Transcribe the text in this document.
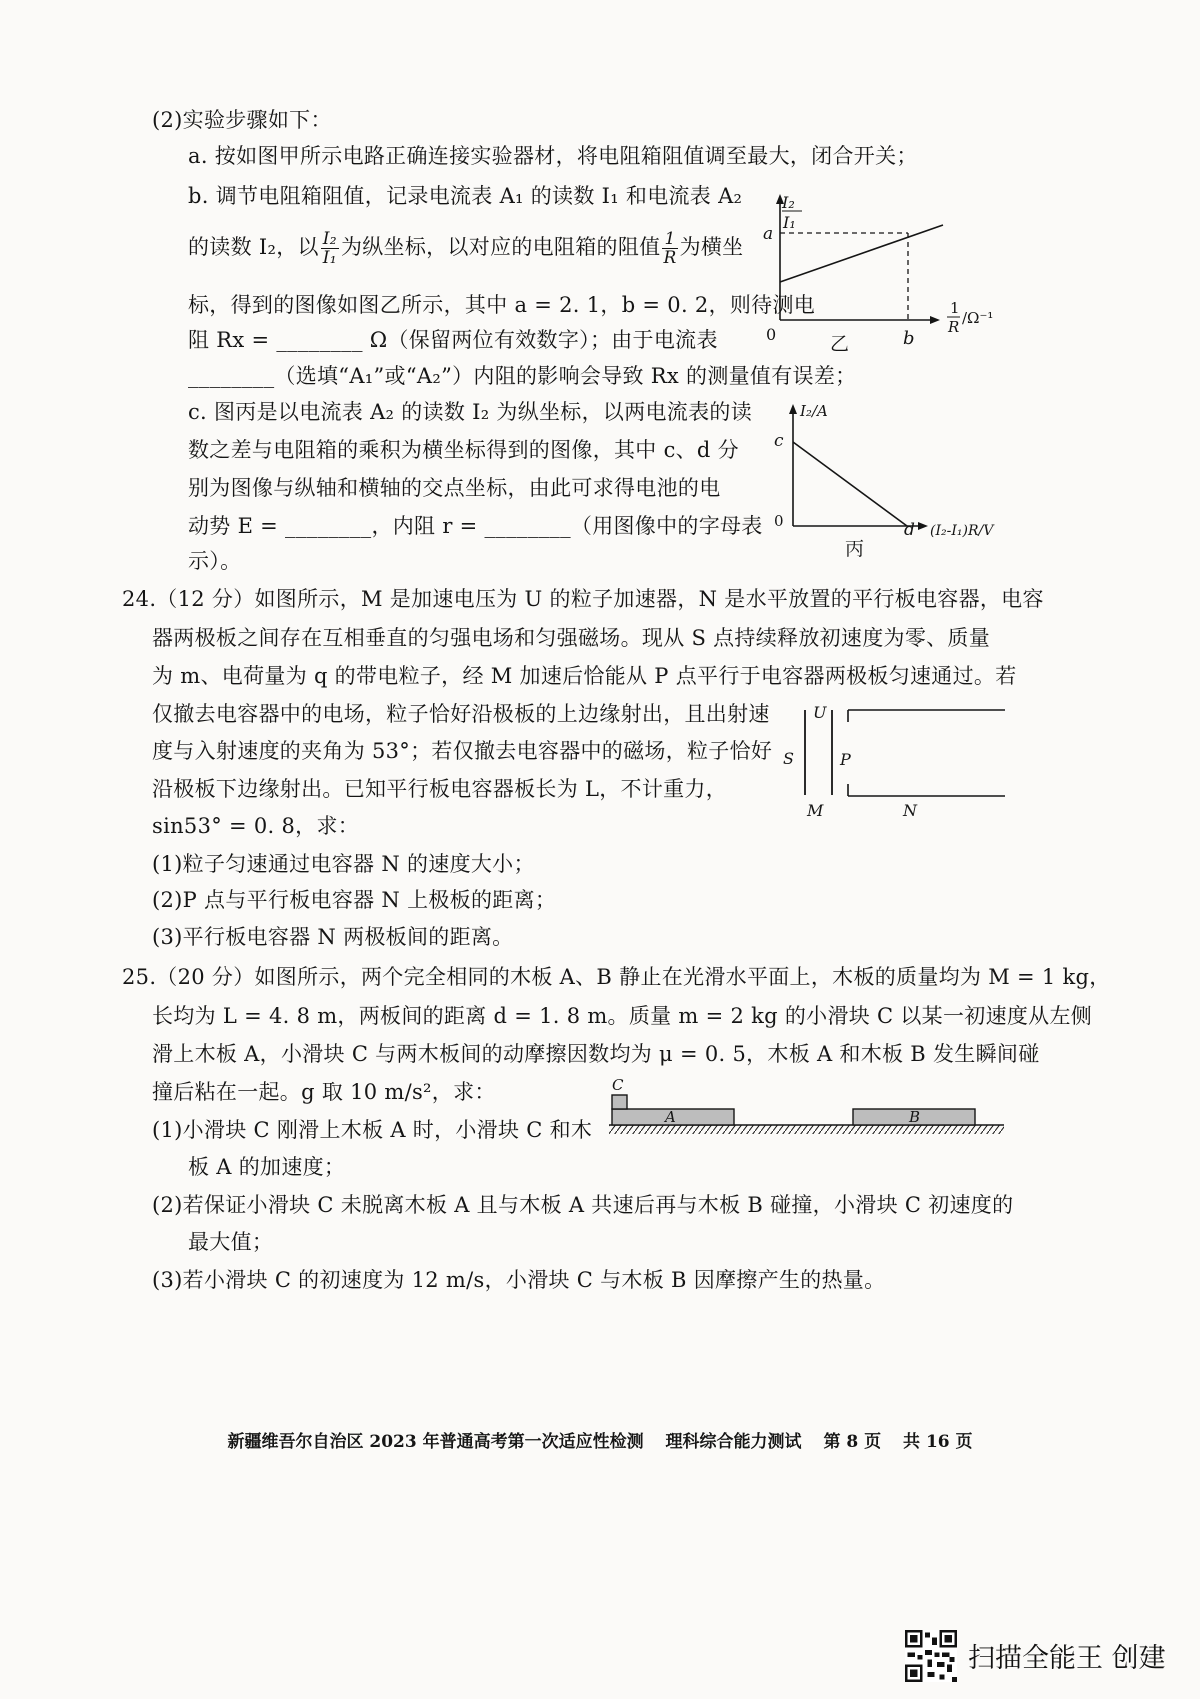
(2)实验步骤如下：
a. 按如图甲所示电路正确连接实验器材，将电阻箱阻值调至最大，闭合开关；
b. 调节电阻箱阻值，记录电流表 A₁ 的读数 I₁ 和电流表 A₂
的读数 I₂，以 $\frac{\text{I₂}}{\text{I₁}}$ 为纵坐标，以对应的电阻箱的阻值 $\frac{1}{R}$ 为横坐
标，得到的图像如图乙所示，其中 a = 2. 1，b = 0. 2，则待测电
阻 Rx = ________ Ω（保留两位有效数字）；由于电流表
________（选填“A₁”或“A₂”）内阻的影响会导致 Rx 的测量值有误差；
I₂
I₁
a
0	b
1
R /Ω⁻¹
乙
c. 图丙是以电流表 A₂ 的读数 I₂ 为纵坐标，以两电流表的读
数之差与电阻箱的乘积为横坐标得到的图像，其中 c、d 分
别为图像与纵轴和横轴的交点坐标，由此可求得电池的电
动势 E = ________，内阻 r = ________（用图像中的字母表
示）。
I₂/A
c
0	d (I₂-I₁)R/V
丙
24.（12 分）如图所示，M 是加速电压为 U 的粒子加速器，N 是水平放置的平行板电容器，电容
器两极板之间存在互相垂直的匀强电场和匀强磁场。现从 S 点持续释放初速度为零、质量
为 m、电荷量为 q 的带电粒子，经 M 加速后恰能从 P 点平行于电容器两极板匀速通过。若
仅撤去电容器中的电场，粒子恰好沿极板的上边缘射出，且出射速
度与入射速度的夹角为 53°；若仅撤去电容器中的磁场，粒子恰好
沿极板下边缘射出。已知平行板电容器板长为 L，不计重力，
sin53° = 0. 8，求：
(1)粒子匀速通过电容器 N 的速度大小；
(2)P 点与平行板电容器 N 上极板的距离；
(3)平行板电容器 N 两极板间的距离。
U
S	P
M	N
25.（20 分）如图所示，两个完全相同的木板 A、B 静止在光滑水平面上，木板的质量均为 M = 1 kg，
长均为 L = 4. 8 m，两板间的距离 d = 1. 8 m。质量 m = 2 kg 的小滑块 C 以某一初速度从左侧
滑上木板 A，小滑块 C 与两木板间的动摩擦因数均为 μ = 0. 5，木板 A 和木板 B 发生瞬间碰
撞后粘在一起。g 取 10 m/s²，求：
(1)小滑块 C 刚滑上木板 A 时，小滑块 C 和木
板 A 的加速度；
(2)若保证小滑块 C 未脱离木板 A 且与木板 A 共速后再与木板 B 碰撞，小滑块 C 初速度的
最大值；
(3)若小滑块 C 的初速度为 12 m/s，小滑块 C 与木板 B 因摩擦产生的热量。
C
A	B
新疆维吾尔自治区 2023 年普通高考第一次适应性检测 理科综合能力测试 第 8 页 共 16 页
扫描全能王 创建
